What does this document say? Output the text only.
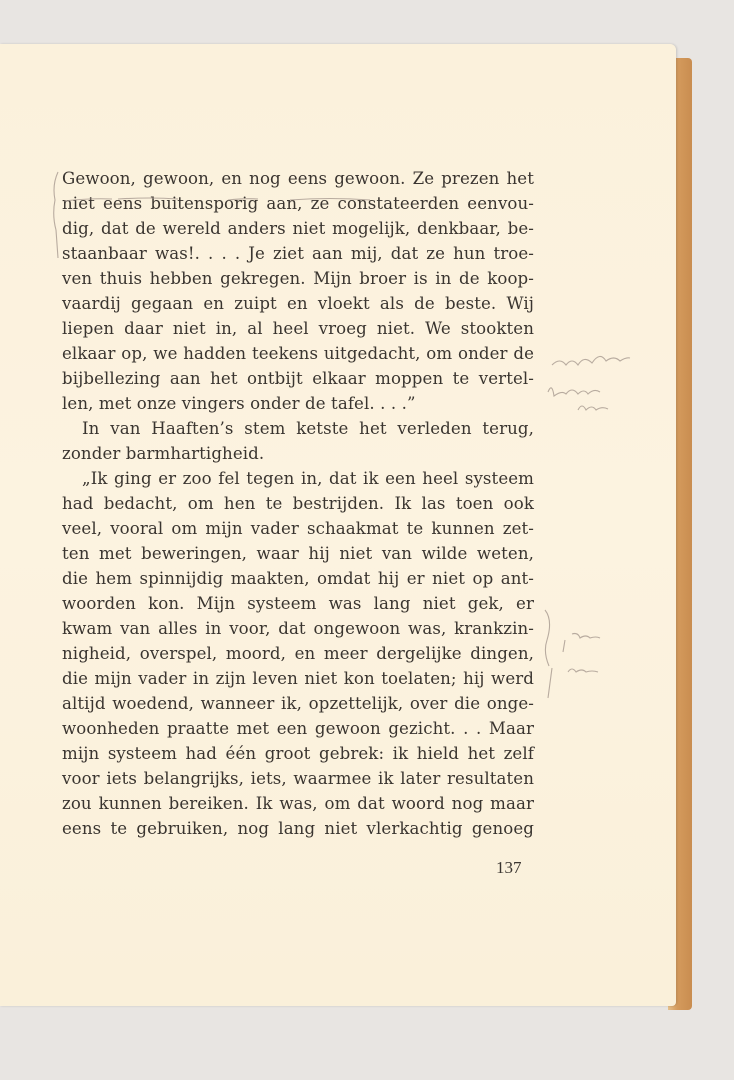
Gewoon, gewoon, en nog eens gewoon. Ze prezen het
niet eens buitensporig aan, ze constateerden eenvou-
dig, dat de wereld anders niet mogelijk, denkbaar, be-
staanbaar was!. . . . Je ziet aan mij, dat ze hun troe-
ven thuis hebben gekregen. Mijn broer is in de koop-
vaardij gegaan en zuipt en vloekt als de beste. Wij
liepen daar niet in, al heel vroeg niet. We stookten
elkaar op, we hadden teekens uitgedacht, om onder de
bijbellezing aan het ontbijt elkaar moppen te vertel-
len, met onze vingers onder de tafel. . . .”
In van Haaften’s stem ketste het verleden terug,
zonder barmhartigheid.
„Ik ging er zoo fel tegen in, dat ik een heel systeem
had bedacht, om hen te bestrijden. Ik las toen ook
veel, vooral om mijn vader schaakmat te kunnen zet-
ten met beweringen, waar hij niet van wilde weten,
die hem spinnijdig maakten, omdat hij er niet op ant-
woorden kon. Mijn systeem was lang niet gek, er
kwam van alles in voor, dat ongewoon was, krankzin-
nigheid, overspel, moord, en meer dergelijke dingen,
die mijn vader in zijn leven niet kon toelaten; hij werd
altijd woedend, wanneer ik, opzettelijk, over die onge-
woonheden praatte met een gewoon gezicht. . . Maar
mijn systeem had één groot gebrek: ik hield het zelf
voor iets belangrijks, iets, waarmee ik later resultaten
zou kunnen bereiken. Ik was, om dat woord nog maar
eens te gebruiken, nog lang niet vlerkachtig genoeg
137
